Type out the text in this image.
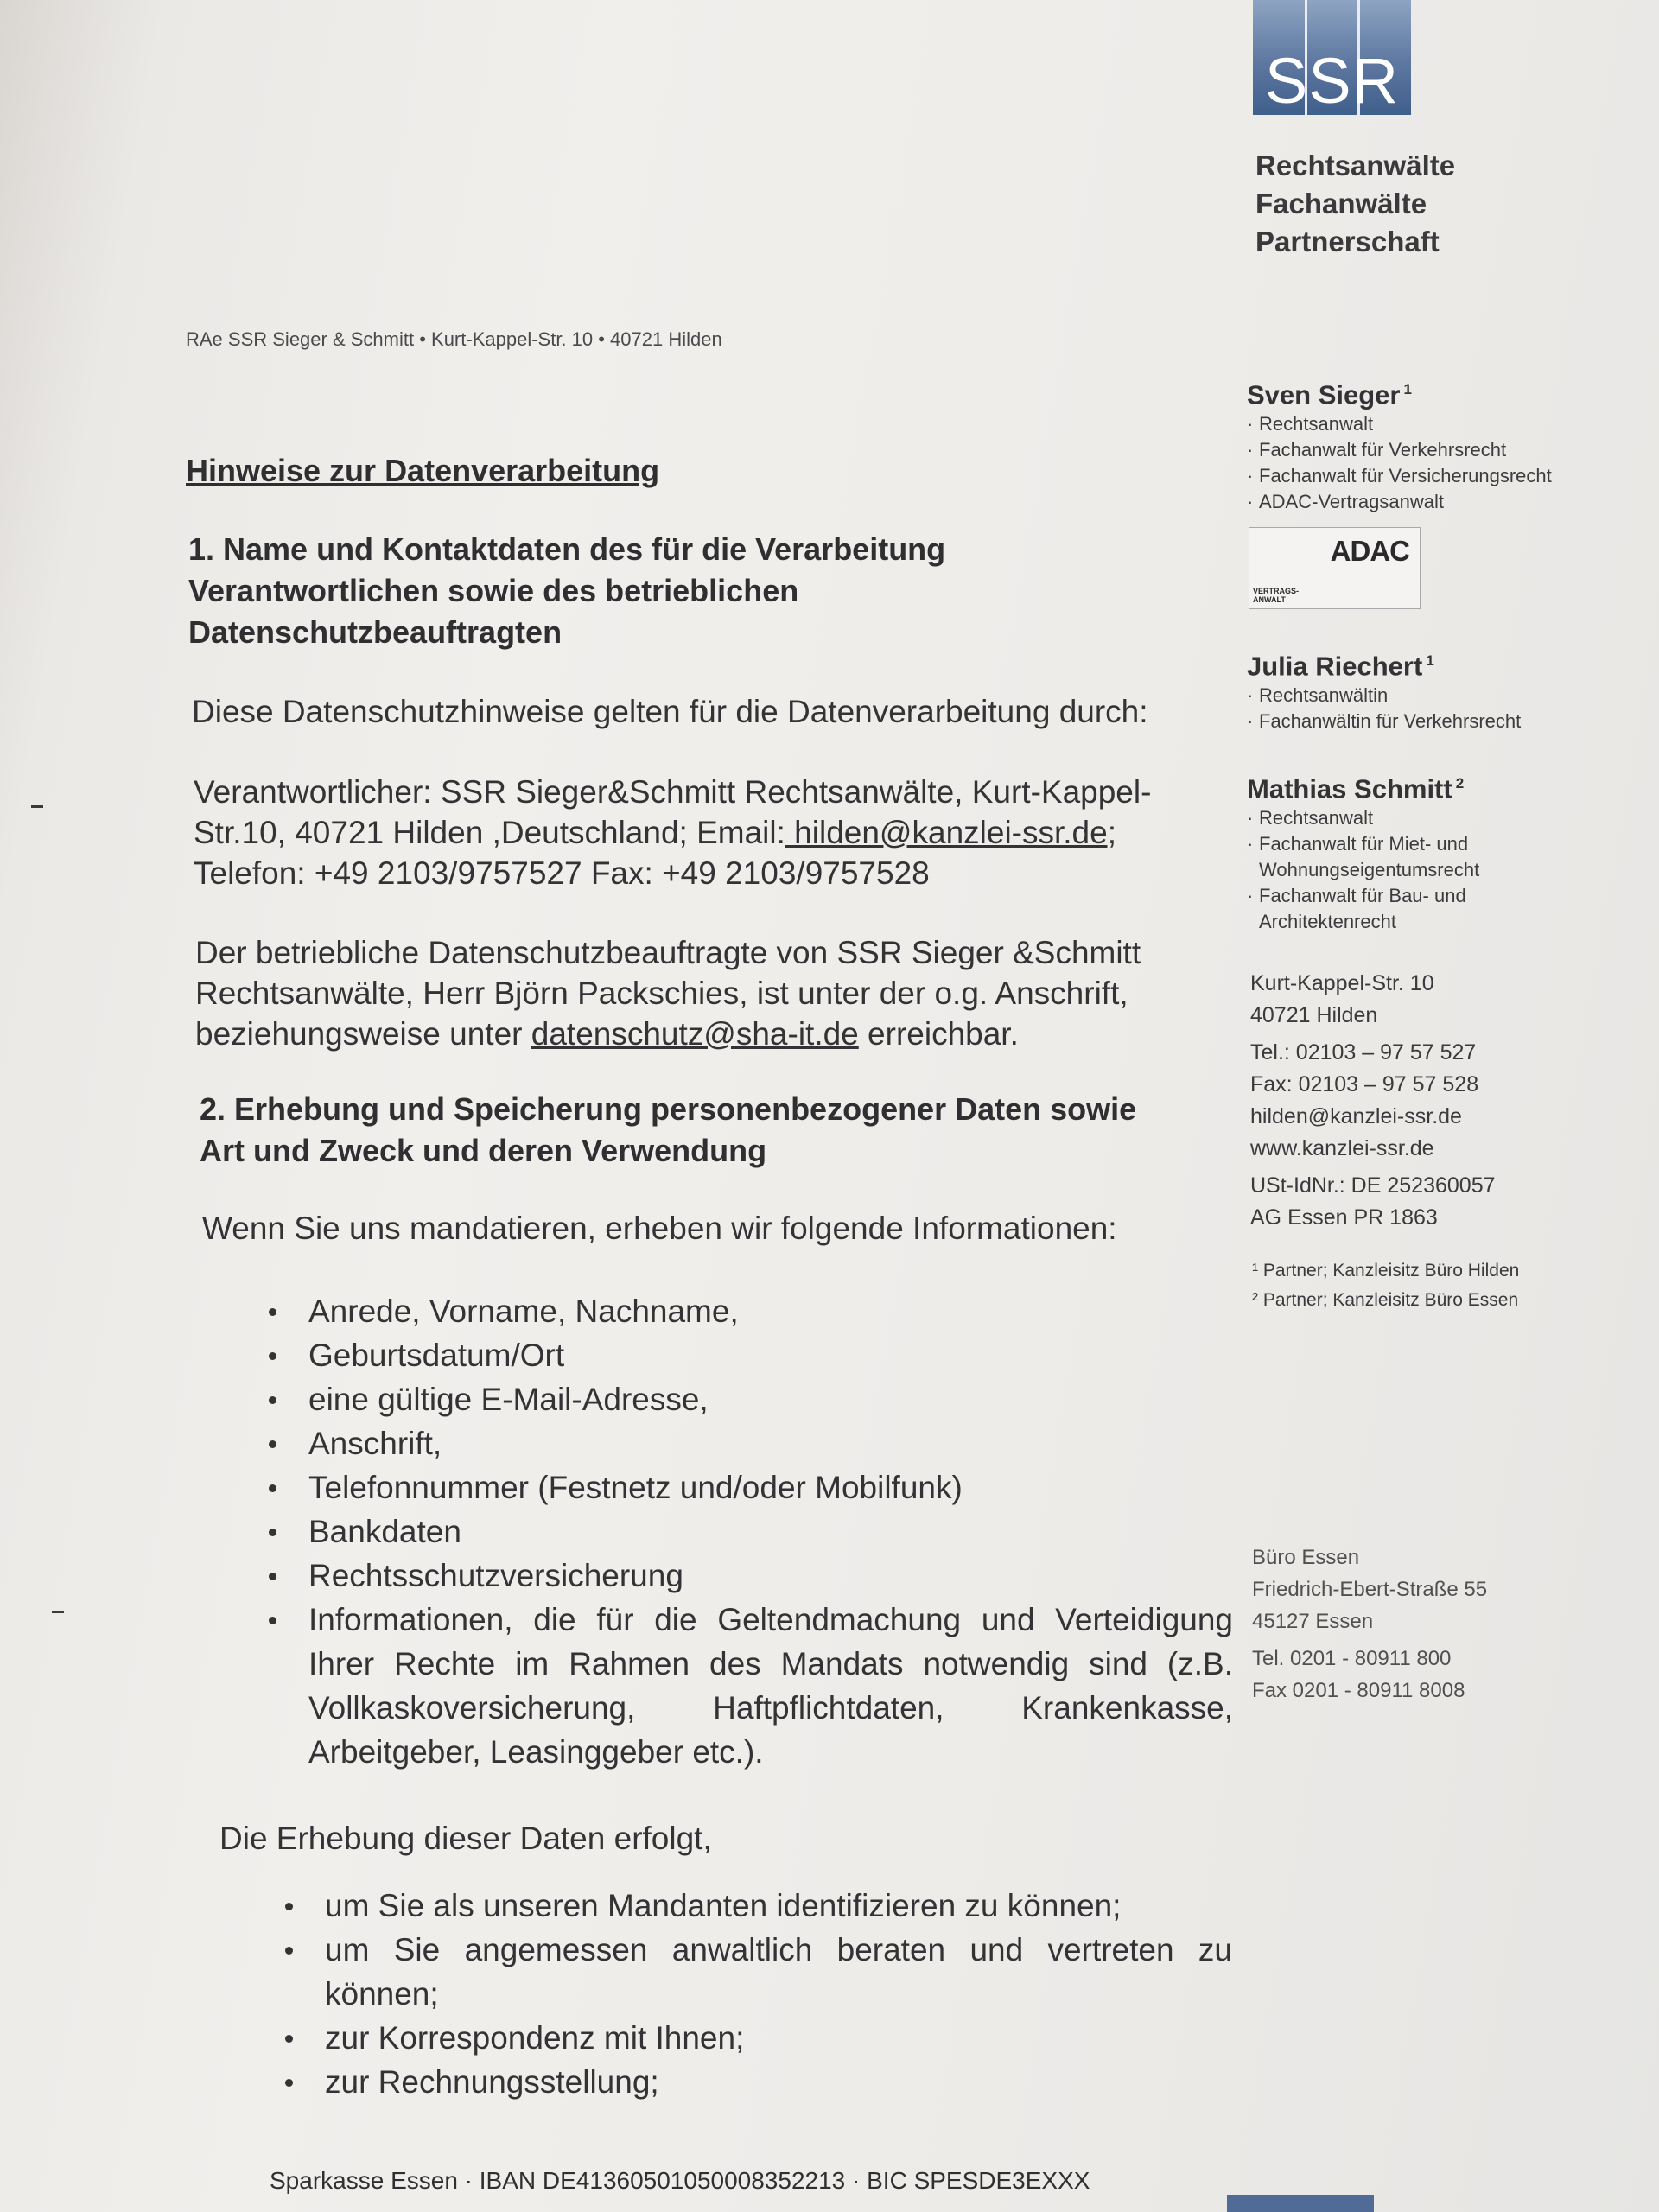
SSR
Rechtsanwälte
Fachanwälte
Partnerschaft
RAe SSR Sieger & Schmitt • Kurt-Kappel-Str. 10 • 40721 Hilden
Hinweise zur Datenverarbeitung
1. Name und Kontaktdaten des für die Verarbeitung Verantwortlichen sowie des betrieblichen Datenschutzbeauftragten
Diese Datenschutzhinweise gelten für die Datenverarbeitung durch:
Verantwortlicher: SSR Sieger&Schmitt Rechtsanwälte, Kurt-Kappel-Str.10, 40721 Hilden ,Deutschland; Email: hilden@kanzlei-ssr.de; Telefon: +49 2103/9757527 Fax: +49 2103/9757528
Der betriebliche Datenschutzbeauftragte von SSR Sieger &Schmitt Rechtsanwälte, Herr Björn Packschies, ist unter der o.g. Anschrift, beziehungsweise unter datenschutz@sha-it.de erreichbar.
2. Erhebung und Speicherung personenbezogener Daten sowie Art und Zweck und deren Verwendung
Wenn Sie uns mandatieren, erheben wir folgende Informationen:
Anrede, Vorname, Nachname,
Geburtsdatum/Ort
eine gültige E-Mail-Adresse,
Anschrift,
Telefonnummer (Festnetz und/oder Mobilfunk)
Bankdaten
Rechtsschutzversicherung
Informationen, die für die Geltendmachung und Verteidigung Ihrer Rechte im Rahmen des Mandats notwendig sind (z.B. Vollkaskoversicherung, Haftpflichtdaten, Krankenkasse, Arbeitgeber, Leasinggeber etc.).
Die Erhebung dieser Daten erfolgt,
um Sie als unseren Mandanten identifizieren zu können;
um Sie angemessen anwaltlich beraten und vertreten zu können;
zur Korrespondenz mit Ihnen;
zur Rechnungsstellung;
Sparkasse Essen · IBAN DE41360501050008352213 · BIC SPESDE3EXXX
Sven Sieger $^1$
· Rechtsanwalt
· Fachanwalt für Verkehrsrecht
· Fachanwalt für Versicherungsrecht
· ADAC-Vertragsanwalt
ADAC
VERTRAGS-ANWALT
Julia Riechert $^1$
· Rechtsanwältin
· Fachanwältin für Verkehrsrecht
Mathias Schmitt $^2$
· Rechtsanwalt
· Fachanwalt für Miet- und
Wohnungseigentumsrecht
· Fachanwalt für Bau- und
Architektenrecht
Kurt-Kappel-Str. 10
40721 Hilden
Tel.: 02103 – 97 57 527
Fax: 02103 – 97 57 528
hilden@kanzlei-ssr.de
www.kanzlei-ssr.de
USt-IdNr.: DE 252360057
AG Essen PR 1863
¹ Partner; Kanzleisitz Büro Hilden
² Partner; Kanzleisitz Büro Essen
Büro Essen
Friedrich-Ebert-Straße 55
45127 Essen
Tel. 0201 - 80911 800
Fax 0201 - 80911 8008
